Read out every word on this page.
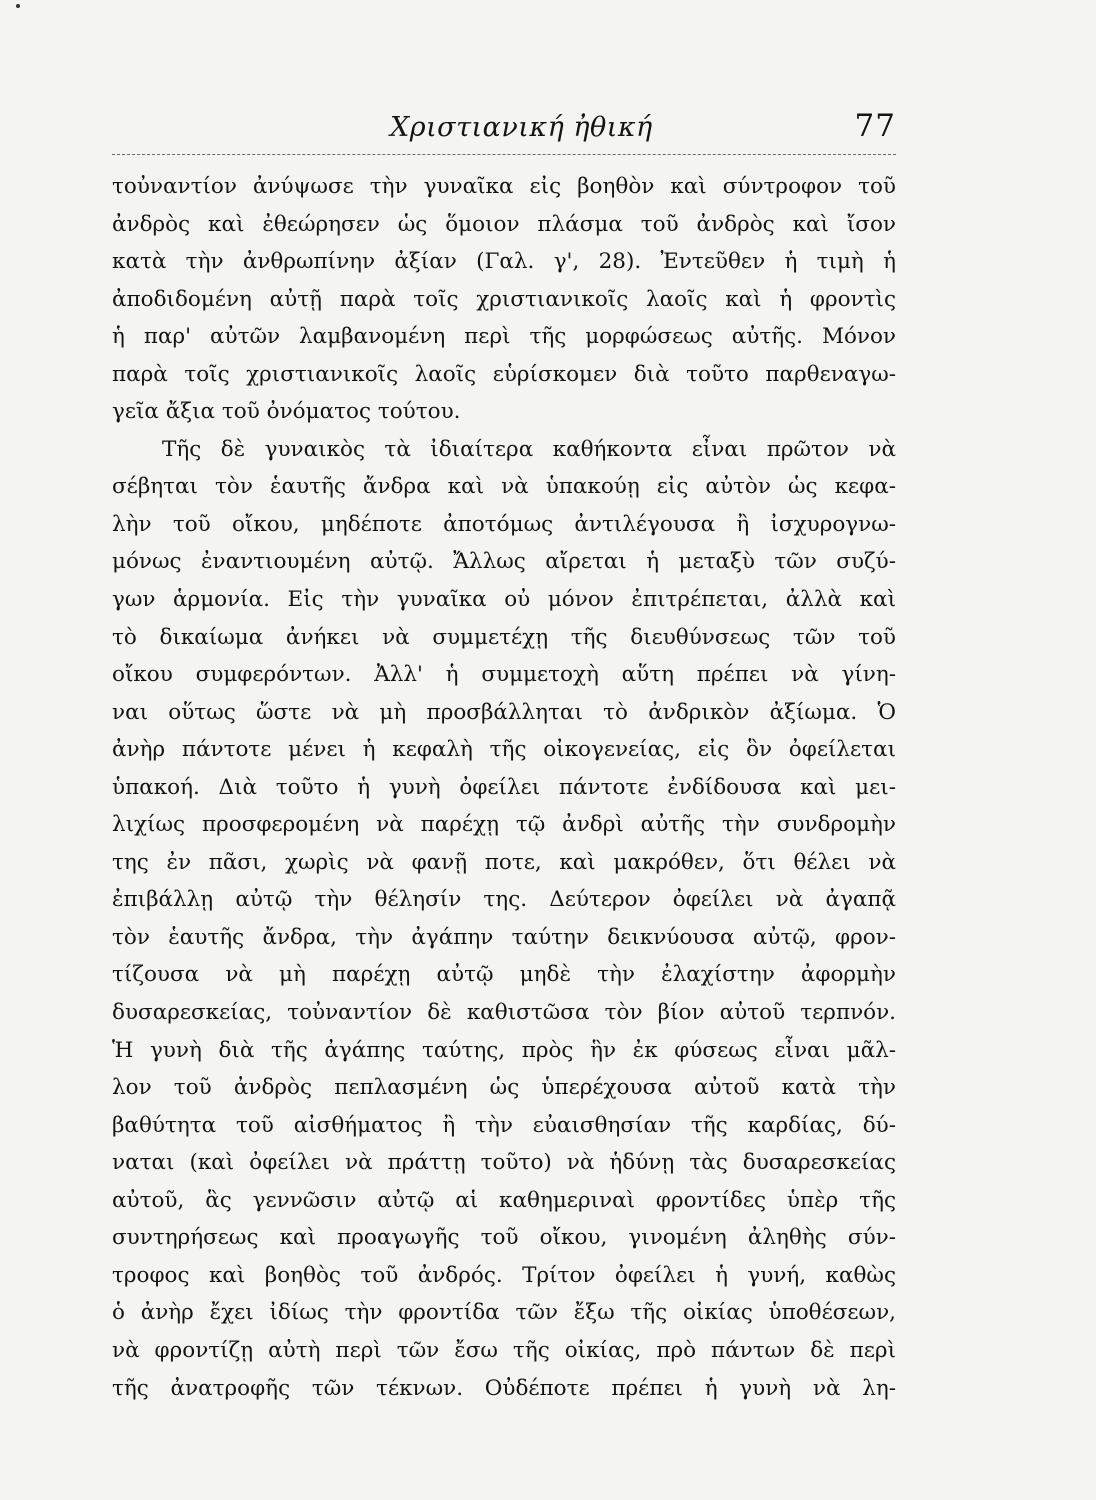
Χριστιανική ἠθική	77
τοὐναντίον ἀνύψωσε τὴν γυναῖκα εἰς βοηθὸν καὶ σύντροφον τοῦ
ἀνδρὸς καὶ ἐθεώρησεν ὡς ὅμοιον πλάσμα τοῦ ἀνδρὸς καὶ ἴσον
κατὰ τὴν ἀνθρωπίνην ἀξίαν (Γαλ. γ', 28). Ἐντεῦθεν ἡ τιμὴ ἡ
ἀποδιδομένη αὐτῇ παρὰ τοῖς χριστιανικοῖς λαοῖς καὶ ἡ φροντὶς
ἡ παρ' αὐτῶν λαμβανομένη περὶ τῆς μορφώσεως αὐτῆς. Μόνον
παρὰ τοῖς χριστιανικοῖς λαοῖς εὑρίσκομεν διὰ τοῦτο παρθεναγω-
γεῖα ἄξια τοῦ ὀνόματος τούτου.
Τῆς δὲ γυναικὸς τὰ ἰδιαίτερα καθήκοντα εἶναι πρῶτον νὰ
σέβηται τὸν ἑαυτῆς ἄνδρα καὶ νὰ ὑπακούῃ εἰς αὐτὸν ὡς κεφα-
λὴν τοῦ οἴκου, μηδέποτε ἀποτόμως ἀντιλέγουσα ἢ ἰσχυρογνω-
μόνως ἐναντιουμένη αὐτῷ. Ἄλλως αἴρεται ἡ μεταξὺ τῶν συζύ-
γων ἁρμονία. Εἰς τὴν γυναῖκα οὐ μόνον ἐπιτρέπεται, ἀλλὰ καὶ
τὸ δικαίωμα ἀνήκει νὰ συμμετέχῃ τῆς διευθύνσεως τῶν τοῦ
οἴκου συμφερόντων. Ἀλλ' ἡ συμμετοχὴ αὕτη πρέπει νὰ γίνη-
ναι οὕτως ὥστε νὰ μὴ προσβάλληται τὸ ἀνδρικὸν ἀξίωμα. Ὁ
ἀνὴρ πάντοτε μένει ἡ κεφαλὴ τῆς οἰκογενείας, εἰς ὃν ὀφείλεται
ὑπακοή. Διὰ τοῦτο ἡ γυνὴ ὀφείλει πάντοτε ἐνδίδουσα καὶ μει-
λιχίως προσφερομένη νὰ παρέχῃ τῷ ἀνδρὶ αὐτῆς τὴν συνδρομὴν
της ἐν πᾶσι, χωρὶς νὰ φανῇ ποτε, καὶ μακρόθεν, ὅτι θέλει νὰ
ἐπιβάλλῃ αὐτῷ τὴν θέλησίν της. Δεύτερον ὀφείλει νὰ ἀγαπᾷ
τὸν ἑαυτῆς ἄνδρα, τὴν ἀγάπην ταύτην δεικνύουσα αὐτῷ, φρον-
τίζουσα νὰ μὴ παρέχῃ αὐτῷ μηδὲ τὴν ἐλαχίστην ἀφορμὴν
δυσαρεσκείας, τοὐναντίον δὲ καθιστῶσα τὸν βίον αὐτοῦ τερπνόν.
Ἡ γυνὴ διὰ τῆς ἀγάπης ταύτης, πρὸς ἣν ἐκ φύσεως εἶναι μᾶλ-
λον τοῦ ἀνδρὸς πεπλασμένη ὡς ὑπερέχουσα αὐτοῦ κατὰ τὴν
βαθύτητα τοῦ αἰσθήματος ἢ τὴν εὐαισθησίαν τῆς καρδίας, δύ-
ναται (καὶ ὀφείλει νὰ πράττῃ τοῦτο) νὰ ἡδύνῃ τὰς δυσαρεσκείας
αὐτοῦ, ἃς γεννῶσιν αὐτῷ αἱ καθημεριναὶ φροντίδες ὑπὲρ τῆς
συντηρήσεως καὶ προαγωγῆς τοῦ οἴκου, γινομένη ἀληθὴς σύν-
τροφος καὶ βοηθὸς τοῦ ἀνδρός. Τρίτον ὀφείλει ἡ γυνή, καθὼς
ὁ ἀνὴρ ἔχει ἰδίως τὴν φροντίδα τῶν ἔξω τῆς οἰκίας ὑποθέσεων,
νὰ φροντίζῃ αὐτὴ περὶ τῶν ἔσω τῆς οἰκίας, πρὸ πάντων δὲ περὶ
τῆς ἀνατροφῆς τῶν τέκνων. Οὐδέποτε πρέπει ἡ γυνὴ νὰ λη-
